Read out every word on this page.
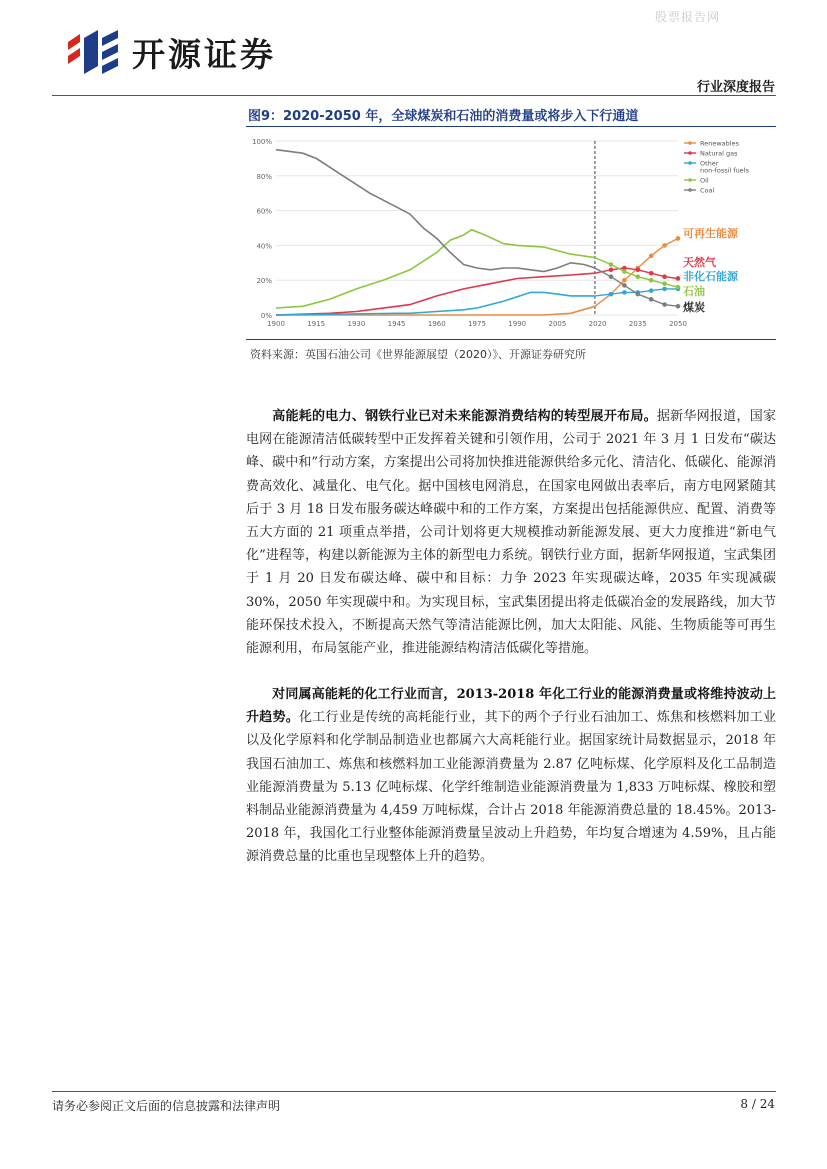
股票报告网
开源证券
行业深度报告
图9：2020-2050 年，全球煤炭和石油的消费量或将步入下行通道
0%
20%
40%
60%
80%
100%
1900	1915	1930	1945	1960	1975	1990	2005	2020	2035	2050
Renewables
Natural gas
Other non-fossil fuels
Oil
Coal
可再生能源
天然气
非化石能源
石油
煤炭
资料来源：英国石油公司《世界能源展望（2020）》、开源证券研究所
高能耗的电力、钢铁行业已对未来能源消费结构的转型展开布局。据新华网报道，国家电网在能源清洁低碳转型中正发挥着关键和引领作用，公司于 2021 年 3 月 1 日发布“碳达峰、碳中和”行动方案，方案提出公司将加快推进能源供给多元化、清洁化、低碳化、能源消费高效化、减量化、电气化。据中国核电网消息，在国家电网做出表率后，南方电网紧随其后于 3 月 18 日发布服务碳达峰碳中和的工作方案，方案提出包括能源供应、配置、消费等五大方面的 21 项重点举措，公司计划将更大规模推动新能源发展、更大力度推进“新电气化”进程等，构建以新能源为主体的新型电力系统。钢铁行业方面，据新华网报道，宝武集团于 1 月 20 日发布碳达峰、碳中和目标：力争 2023 年实现碳达峰，2035 年实现减碳 30%，2050 年实现碳中和。为实现目标，宝武集团提出将走低碳冶金的发展路线，加大节能环保技术投入，不断提高天然气等清洁能源比例，加大太阳能、风能、生物质能等可再生能源利用，布局氢能产业，推进能源结构清洁低碳化等措施。
对同属高能耗的化工行业而言，2013-2018 年化工行业的能源消费量或将维持波动上升趋势。化工行业是传统的高耗能行业，其下的两个子行业石油加工、炼焦和核燃料加工业以及化学原料和化学制品制造业也都属六大高耗能行业。据国家统计局数据显示，2018 年我国石油加工、炼焦和核燃料加工业能源消费量为 2.87 亿吨标煤、化学原料及化工品制造业能源消费量为 5.13 亿吨标煤、化学纤维制造业能源消费量为 1,833 万吨标煤、橡胶和塑料制品业能源消费量为 4,459 万吨标煤，合计占 2018 年能源消费总量的 18.45%。2013-2018 年，我国化工行业整体能源消费量呈波动上升趋势，年均复合增速为 4.59%，且占能源消费总量的比重也呈现整体上升的趋势。
请务必参阅正文后面的信息披露和法律声明	8 / 24
